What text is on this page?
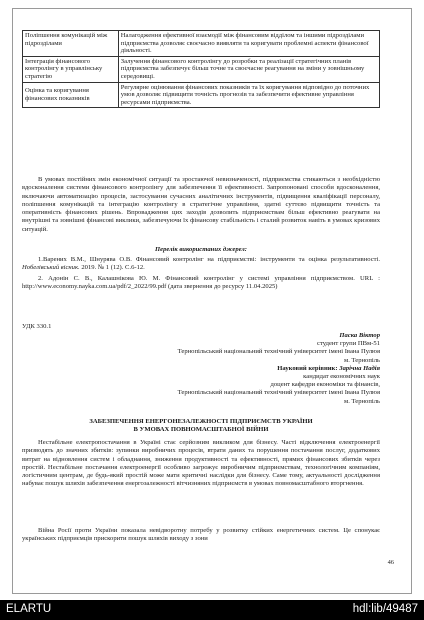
Поліпшення комунікацій між підрозділами	Налагодження ефективної взаємодії між фінансовим відділом та іншими підрозділами підприємства дозволяє своєчасно виявляти та коригувати проблемні аспекти фінансової діяльності.
Інтеграція фінансового контролінгу в управлінську стратегію	Залучення фінансового контролінгу до розробки та реалізації стратегічних планів підприємства забезпечує більш точне та своєчасне реагування на зміни у зовнішньому середовищі.
Оцінка та коригування фінансових показників	Регулярне оцінювання фінансових показників та їх коригування відповідно до поточних умов дозволяє підвищити точність прогнозів та забезпечити ефективне управління ресурсами підприємства.

В умовах постійних змін економічної ситуації та зростаючої невизначеності, підприємства стикаються з необхідністю вдосконалення системи фінансового контролінгу для забезпечення її ефективності. Запропоновані способи вдосконалення, включаючи автоматизацію процесів, застосування сучасних аналітичних інструментів, підвищення кваліфікації персоналу, поліпшення комунікацій та інтеграцію контролінгу в стратегічне управління, здатні суттєво підвищити точність та оперативність фінансових рішень. Впровадження цих заходів дозволить підприємствам більш ефективно реагувати на внутрішні та зовнішні фінансові виклики, забезпечуючи їх фінансову стабільність і сталий розвиток навіть в умовах кризових ситуацій.

Перелік використаних джерел:

1.Варених В.М., Шнурява О.В. Фінансовий контролінг на підприємстві: інструменти та оцінка результативності. Нобелівський вісник. 2019. № 1 (12). С.6-12.

2. Адонін С. В., Калашнікова Ю. М. Фінансовий контролінг у системі управління підприємством. URL : http://www.economy.nayka.com.ua/pdf/2_2022/99.pdf (дата звернення до ресурсу 11.04.2025)

УДК 330.1

Паска Віктор
студент групи ПВм-51
Тернопільський національний технічний університет імені Івана Пулюя
м. Тернопіль
Науковий керівник: Зарічна Надія
кандидат економічних наук
доцент кафедри економіки та фінансів,
Тернопільський національний технічний університет імені Івана Пулюя
м. Тернопіль
ЗАБЕЗПЕЧЕННЯ ЕНЕРГОНЕЗАЛЕЖНОСТІ ПІДПРИЄМСТВ УКРАЇНИ
В УМОВАХ ПОВНОМАСШТАБНОЇ ВІЙНИ

Нестабільне електропостачання в Україні стає серйозним викликом для бізнесу. Часті відключення електроенергії призводять до значних збитків: зупинки виробничих процесів, втрати даних та порушення постачання послуг, додаткових витрат на відновлення систем і обладнання, зниження продуктивності та ефективності, прямих фінансових збитків через простій. Нестабільне постачання електроенергії особливо загрожує виробничим підприємствам, технологічним компаніям, логістичним центрам, де будь-який простій може мати критичні наслідки для бізнесу. Саме тому, актуальності дослідження набуває пошук шляхів забезпечення енергозалежності вітчизняних підприємств в умовах повномасштабного вторгнення.

Війна Росії проти України показала невідворотну потребу у розвитку стійких енергетичних систем. Це спонукає українських підприємців прискорити пошук шляхів виходу з зони

46
ELARTU	hdl:lib/49487
